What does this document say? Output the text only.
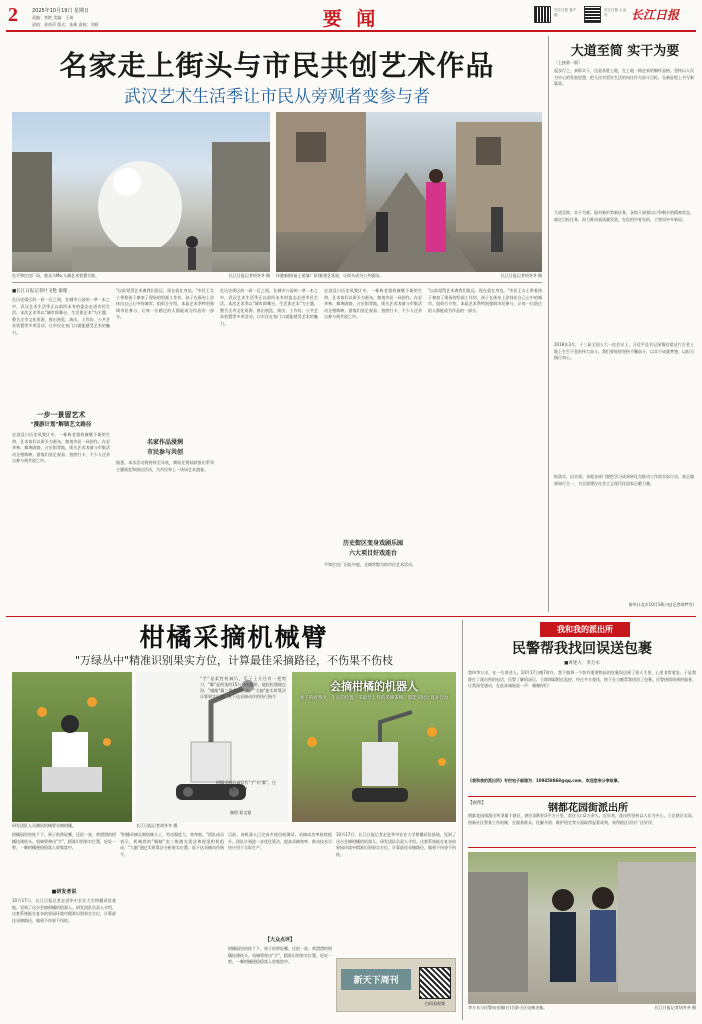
2	2025年10月19日 星期日
责编：李艳 美编：王琦
责校：金尚萍 版式：朱彬 责校：刘莉	要 闻	长江日报 客户端
长江日报 公众号	长江日报
名家走上街头与市民共创艺术作品
武汉艺术生活季让市民从旁观者变参与者
在平和打包厂场，观众与Mo.人偶艺术装置合影。	长江日报记者胡冬冬 摄 环港新街(前土尾墙厂)旧新貌艺延展，让街头成为公共剧场。	长江日报记者胡冬冬 摄
■长江日报记者叶飞艳 秦瑾
在历史街区的一砖一瓦之间，在城市公园的一草一木之中，武汉艺术生活季正以前所未有的姿态走进市民生活。本次艺术季以"城市即舞台、生活即艺术"为主题，整合全市文化资源，推出展览、演出、工作坊、公共艺术装置等多项活动，让市民在家门口就能感受艺术的魅力。
一步一景留艺术
"漫游计划"解锁艺文路径
走进汉口历史风貌区中，一栋栋老建筑被赋予新的生命，艺术家们以街头为画布，邀请市民一同创作。在昙华林、黎黄陂路、吉庆街等地，街头艺术表演与市集活动交相辉映，游客们驻足观看、拍照打卡，不少人还亲自参与到共创之中。
"以前觉得艺术离我们很远，现在就在身边。"市民王女士带着孩子参加了现场的绘画工作坊，孩子在画布上涂抹出自己心中的城市。组织方介绍，本届艺术季特别强调市民参与，让每一位路过的人都能成为作品的一部分。
名家作品浸润
市民参与共创
据悉，本次活动将持续至年底，期间还将陆续推出系列主题展览和演出活动，为市民奉上一场场艺术盛宴。
在历史街区的一砖一瓦之间，在城市公园的一草一木之中，武汉艺术生活季正以前所未有的姿态走进市民生活。本次艺术季以"城市即舞台、生活即艺术"为主题，整合全市文化资源，推出展览、演出、工作坊、公共艺术装置等多项活动，让市民在家门口就能感受艺术的魅力。
走进汉口历史风貌区中，一栋栋老建筑被赋予新的生命，艺术家们以街头为画布，邀请市民一同创作。在昙华林、黎黄陂路、吉庆街等地，街头艺术表演与市集活动交相辉映，游客们驻足观看、拍照打卡，不少人还亲自参与到共创之中。
历史街区变身戏剧乐园
六大项目好戏连台
平和打包厂旧址中庭，光绸营散为的市民艺术活动。
"以前觉得艺术离我们很远，现在就在身边。"市民王女士带着孩子参加了现场的绘画工作坊，孩子在画布上涂抹出自己心中的城市。组织方介绍，本届艺术季特别强调市民参与，让每一位路过的人都能成为作品的一部分。
大道至简 实干为要
（上接第一版）
起步行之，真抓实干，这是从胜上地，在上地一路走来的胸怀品格。坚持以人民为中心的发展思想，把人民对美好生活的向往作为奋斗目标，在新征程上书写新篇章。
大道至简，实干为要。面对新形势新任务，各级干部要以只争朝夕的精神状态，锚定目标任务，奋力推动高质量发展，在危机中育先机、于变局中开新局。
2018年3月，十三届全国人大一次会议上，习近平总书记深情回望这片古老土地上生生不息的伟大奋斗。我们要始终坚持不懈奋斗，以实干成就梦想，以担当践行初心。
抓落实，出实效。各地各部门要把学习成果转化为推动工作的实际行动，真正做到知行合一，为全面建设社会主义现代化国家贡献力量。
新华社北京10月18日电(记者胡梦雪)
柑橘采摘机械臂
"万绿丛中"精准识别果实方位，计算最佳采摘路径，不伤果不伤枝
"手"是柔性机械爪，爪子上方还有一把剪刀，"脚"是两条约15公分的履带，能轻松爬坡过沟，"眼睛"藏三维激光雷达、"大脑"能实时算法计算果实位置，并下达采摘动作的执行指令
柑橘采摘机械臂有"手"有"脚"，还有"眼睛"和"大脑"
制图 彩文雅
会摘柑橘的机器人
果子的成熟度、生长的位置、采取什么样的采摘策略，都能实时计算并行动
研发团队人员测试机械臂采摘柑橘。	长江日报记者胡冬冬 摄
柑橘园里的枝丫下，果子的带轻哪，还很一束，黄澄澄的柑橘挂满枝头。机械臂伸出"手"，精准识别果实位置，轻轻一剪，一颗柑橘便稳稳落入收集筐中。
■研发者说
10月17日，长江日报记者走进华中农业大学柑橘试验基地，见到了这台会摘柑橘的机器人。研发团队负责人介绍，这套系统能在复杂的果园环境中精准识别果实方位，计算最佳采摘路径，做到不伤果不伤枝。
"柑橘采摘长期依赖人工，劳动强度大、效率低。"团队成员表示，机械臂的"眼睛"由三维激光雷达和视觉相机组成，"大脑"通过实时算法分析果实位置，再下达采摘动作指令。
目前，该机器人已完成多轮田间测试，采摘成功率持续提升。团队计划进一步优化算法，提高采摘效率，推动技术尽快应用于实际生产。
【大众点评】
柑橘园里的枝丫下，果子的带轻哪，还很一束，黄澄澄的柑橘挂满枝头。机械臂伸出"手"，精准识别果实位置，轻轻一剪，一颗柑橘便稳稳落入收集筐中。
10月17日，长江日报记者走进华中农业大学柑橘试验基地，见到了这台会摘柑橘的机器人。研发团队负责人介绍，这套系统能在复杂的果园环境中精准识别果实方位，计算最佳采摘路径，做到不伤果不伤枝。
新天下周刊
扫码看视频
我和我的派出所
民警帮我找回误送包裹
■讲述人：李万水
我叫李万水，在一位讲述人。10月17日晚7时许，我不慎将一个装有重要物品的包裹误送到了别人手里，心里非常着急。于是我拨打了派出所的电话，民警了解情况后，立即调取附近监控，经过多方查找，终于在当晚帮我找回了包裹。民警热情周到的服务，让我深受感动，在此真诚地说一声：谢谢你们！
《我和我的派出所》专栏电子邮箱为：109458868@qq.com，欢迎您来分享故事。
【画像】	钢都花园街派出所
钢都花园街派出所隶属于辖区，辖区面积约3平方公里，常住人口2万余人。近年来，派出所坚持以人民为中心，立足辖区实际，创新社区警务工作机制，在服务群众、化解矛盾、维护稳定等方面取得显著成效，获得辖区居民广泛好评。
李万水与民警向光城(右)合影小区电梯走廊。	长江日报记者胡冬冬 摄
